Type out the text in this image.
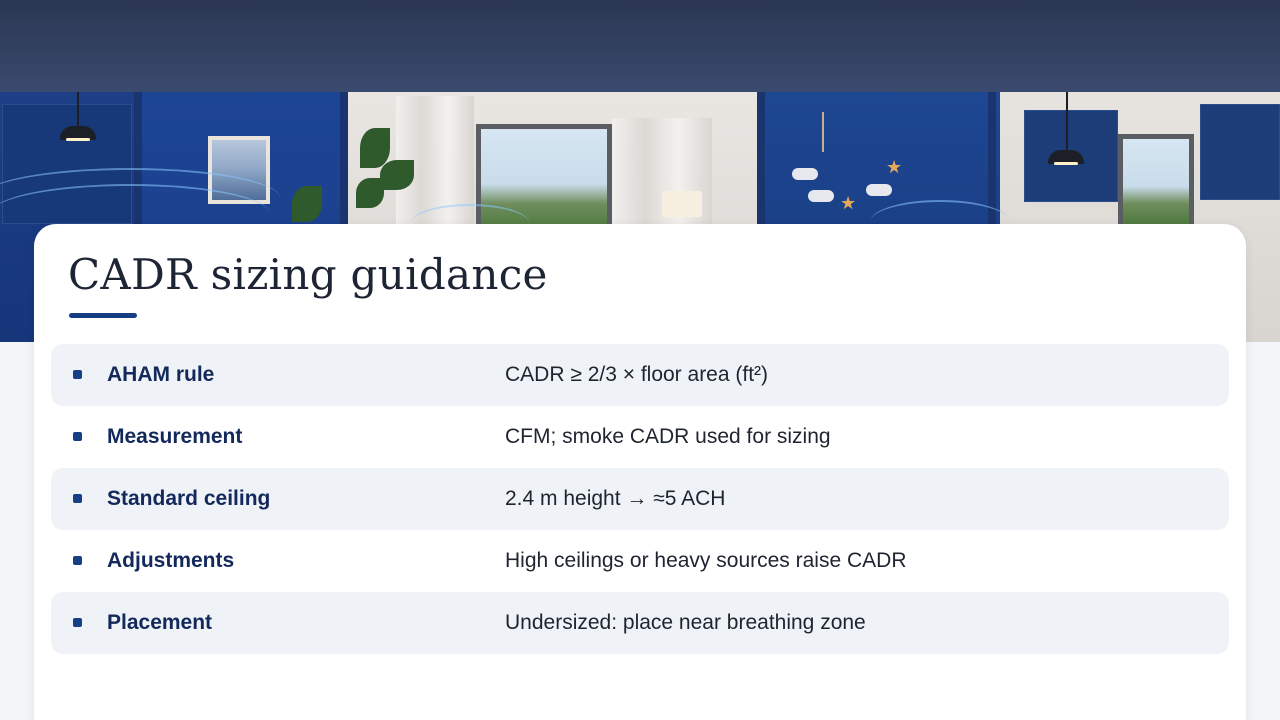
★
★
CADR sizing guidance
AHAM rule	CADR ≥ 2/3 × floor area (ft²)
Measurement	CFM; smoke CADR used for sizing
Standard ceiling	2.4 m height → ≈5 ACH
Adjustments	High ceilings or heavy sources raise CADR
Placement	Undersized: place near breathing zone
